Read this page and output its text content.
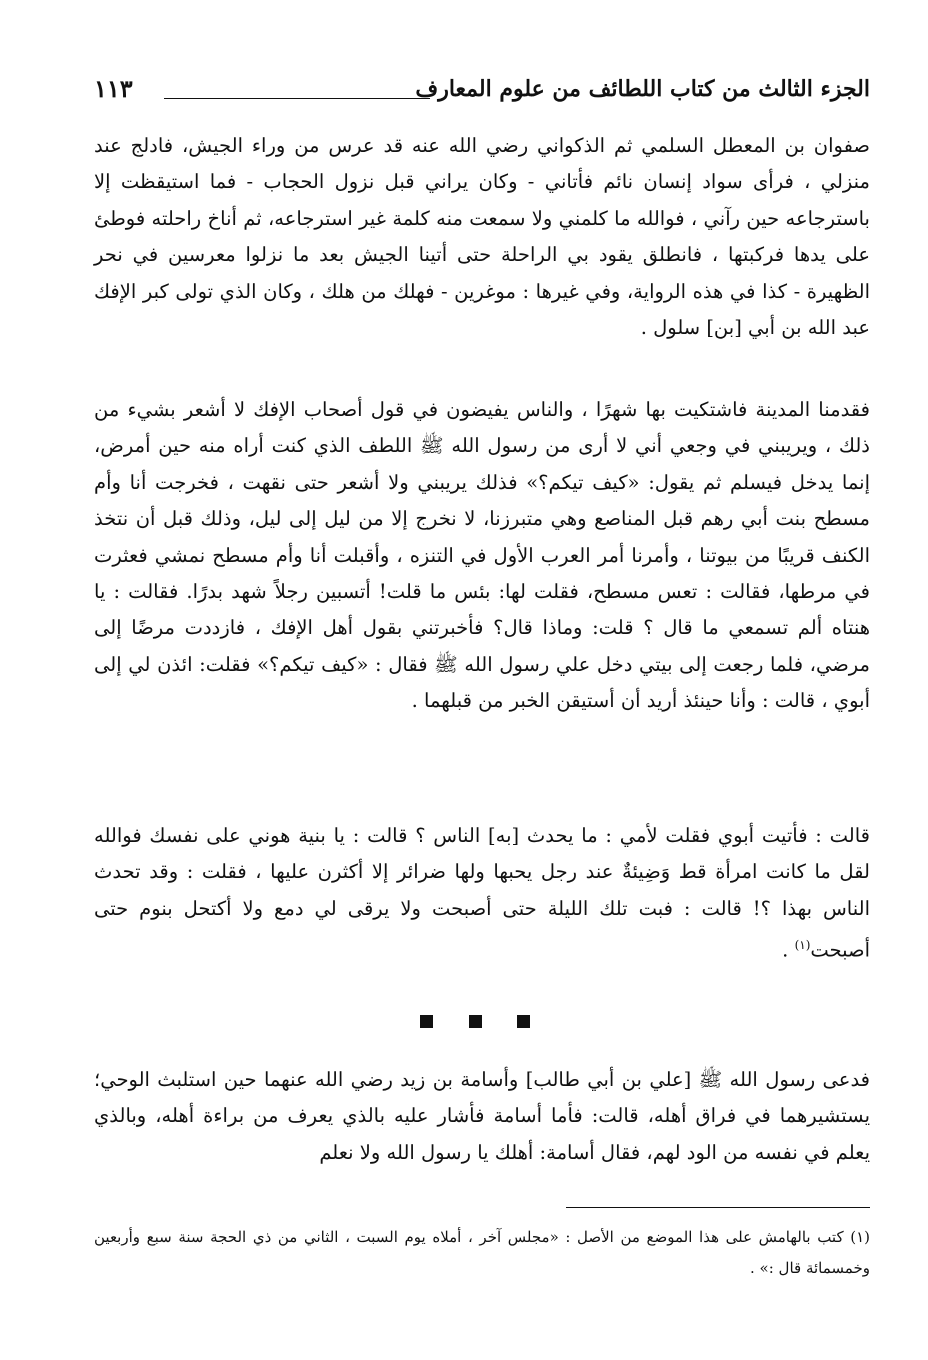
الجزء الثالث من كتاب اللطائف من علوم المعارف
١١٣

صفوان بن المعطل السلمي ثم الذكواني رضي الله عنه قد عرس من وراء الجيش، فادلج عند منزلي ، فرأى سواد إنسان نائم فأتاني - وكان يراني قبل نزول الحجاب - فما استيقظت إلا باسترجاعه حين رآني ، فوالله ما كلمني ولا سمعت منه كلمة غير استرجاعه، ثم أناخ راحلته فوطئ على يدها فركبتها ، فانطلق يقود بي الراحلة حتى أتينا الجيش بعد ما نزلوا معرسين في نحر الظهيرة - كذا في هذه الرواية، وفي غيرها : موغرين - فهلك من هلك ، وكان الذي تولى كبر الإفك عبد الله بن أبي [بن] سلول .

فقدمنا المدينة فاشتكيت بها شهرًا ، والناس يفيضون في قول أصحاب الإفك لا أشعر بشيء من ذلك ، ويريبني في وجعي أني لا أرى من رسول الله ﷺ اللطف الذي كنت أراه منه حين أمرض، إنما يدخل فيسلم ثم يقول: «كيف تيكم؟» فذلك يريبني ولا أشعر حتى نقهت ، فخرجت أنا وأم مسطح بنت أبي رهم قبل المناصع وهي متبرزنا، لا نخرج إلا من ليل إلى ليل، وذلك قبل أن نتخذ الكنف قريبًا من بيوتنا ، وأمرنا أمر العرب الأول في التنزه ، وأقبلت أنا وأم مسطح نمشي فعثرت في مرطها، فقالت : تعس مسطح، فقلت لها: بئس ما قلت! أتسبين رجلاً شهد بدرًا. فقالت : يا هنتاه ألم تسمعي ما قال ؟ قلت: وماذا قال؟ فأخبرتني بقول أهل الإفك ، فازددت مرضًا إلى مرضي، فلما رجعت إلى بيتي دخل علي رسول الله ﷺ فقال : «كيف تيكم؟» فقلت: ائذن لي إلى أبوي ، قالت : وأنا حينئذ أريد أن أستيقن الخبر من قبلهما .

قالت : فأتيت أبوي فقلت لأمي : ما يحدث [به] الناس ؟ قالت : يا بنية هوني على نفسك فوالله لقل ما كانت امرأة قط وَضِيئةٌ عند رجل يحبها ولها ضرائر إلا أكثرن عليها ، فقلت : وقد تحدث الناس بهذا ؟! قالت : فبت تلك الليلة حتى أصبحت ولا يرقى لي دمع ولا أكتحل بنوم حتى أصبحت$^{(١)}$ .

فدعى رسول الله ﷺ [علي بن أبي طالب] وأسامة بن زيد رضي الله عنهما حين استلبث الوحي؛ يستشيرهما في فراق أهله، قالت: فأما أسامة فأشار عليه بالذي يعرف من براءة أهله، وبالذي يعلم في نفسه من الود لهم، فقال أسامة: أهلك يا رسول الله ولا نعلم

(١) كتب بالهامش على هذا الموضع من الأصل : «مجلس آخر ، أملاه يوم السبت ، الثاني من ذي الحجة سنة سبع وأربعين وخمسمائة قال :» .
